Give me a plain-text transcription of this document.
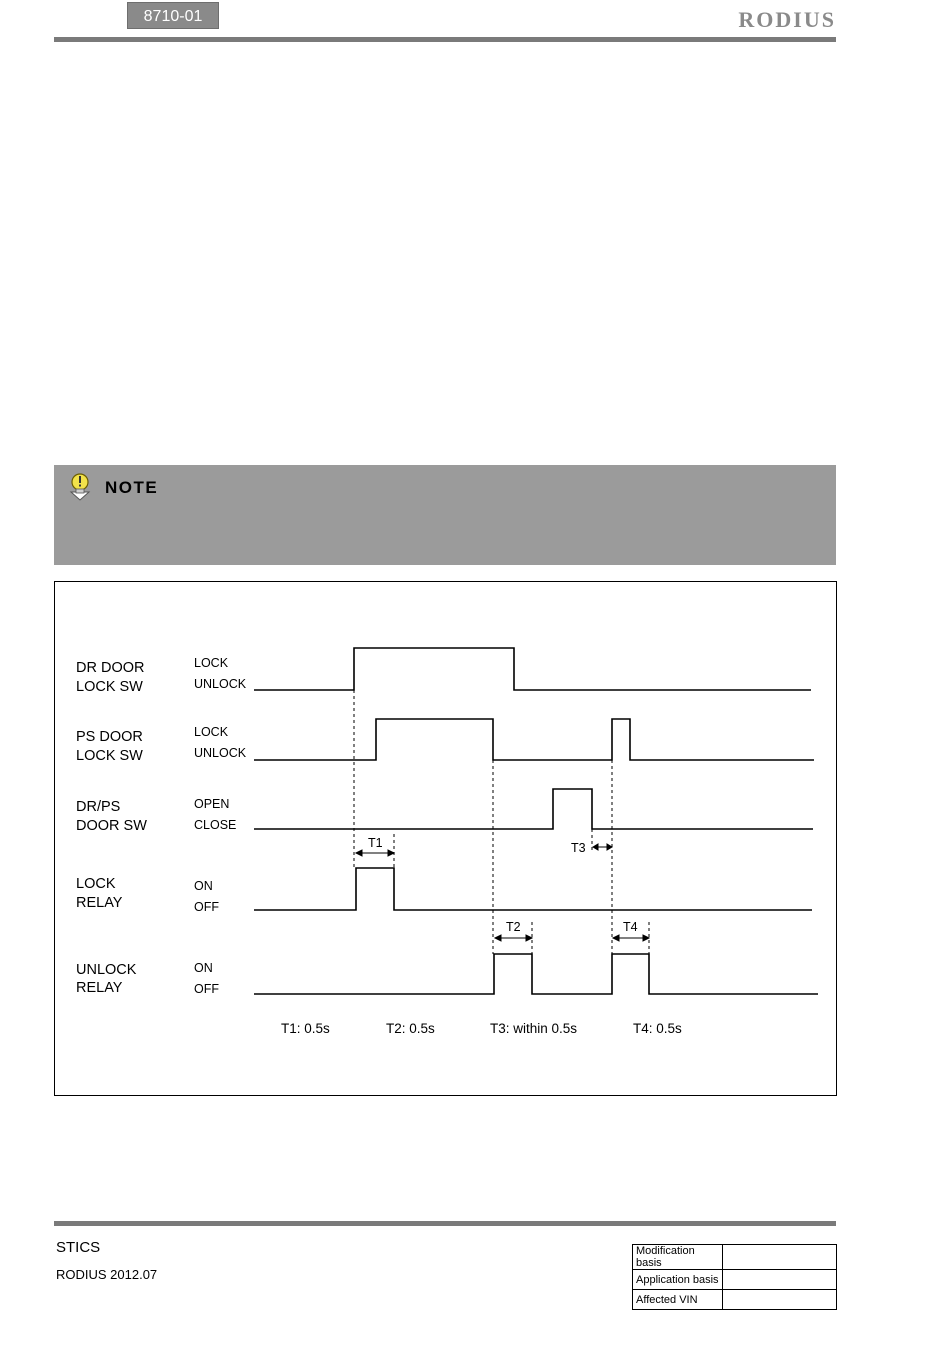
8710-01	RODIUS
NOTE
DR DOOR
LOCK SW
PS DOOR
LOCK SW
DR/PS
DOOR SW
LOCK
RELAY
UNLOCK
RELAY
LOCK
UNLOCK
LOCK
UNLOCK
OPEN
CLOSE
ON
OFF
ON
OFF
T1
T2
T3
T4
T1: 0.5s	T2: 0.5s	T3: within 0.5s	T4: 0.5s
STICS
RODIUS 2012.07
Modification basis	
Application basis	
Affected VIN	
